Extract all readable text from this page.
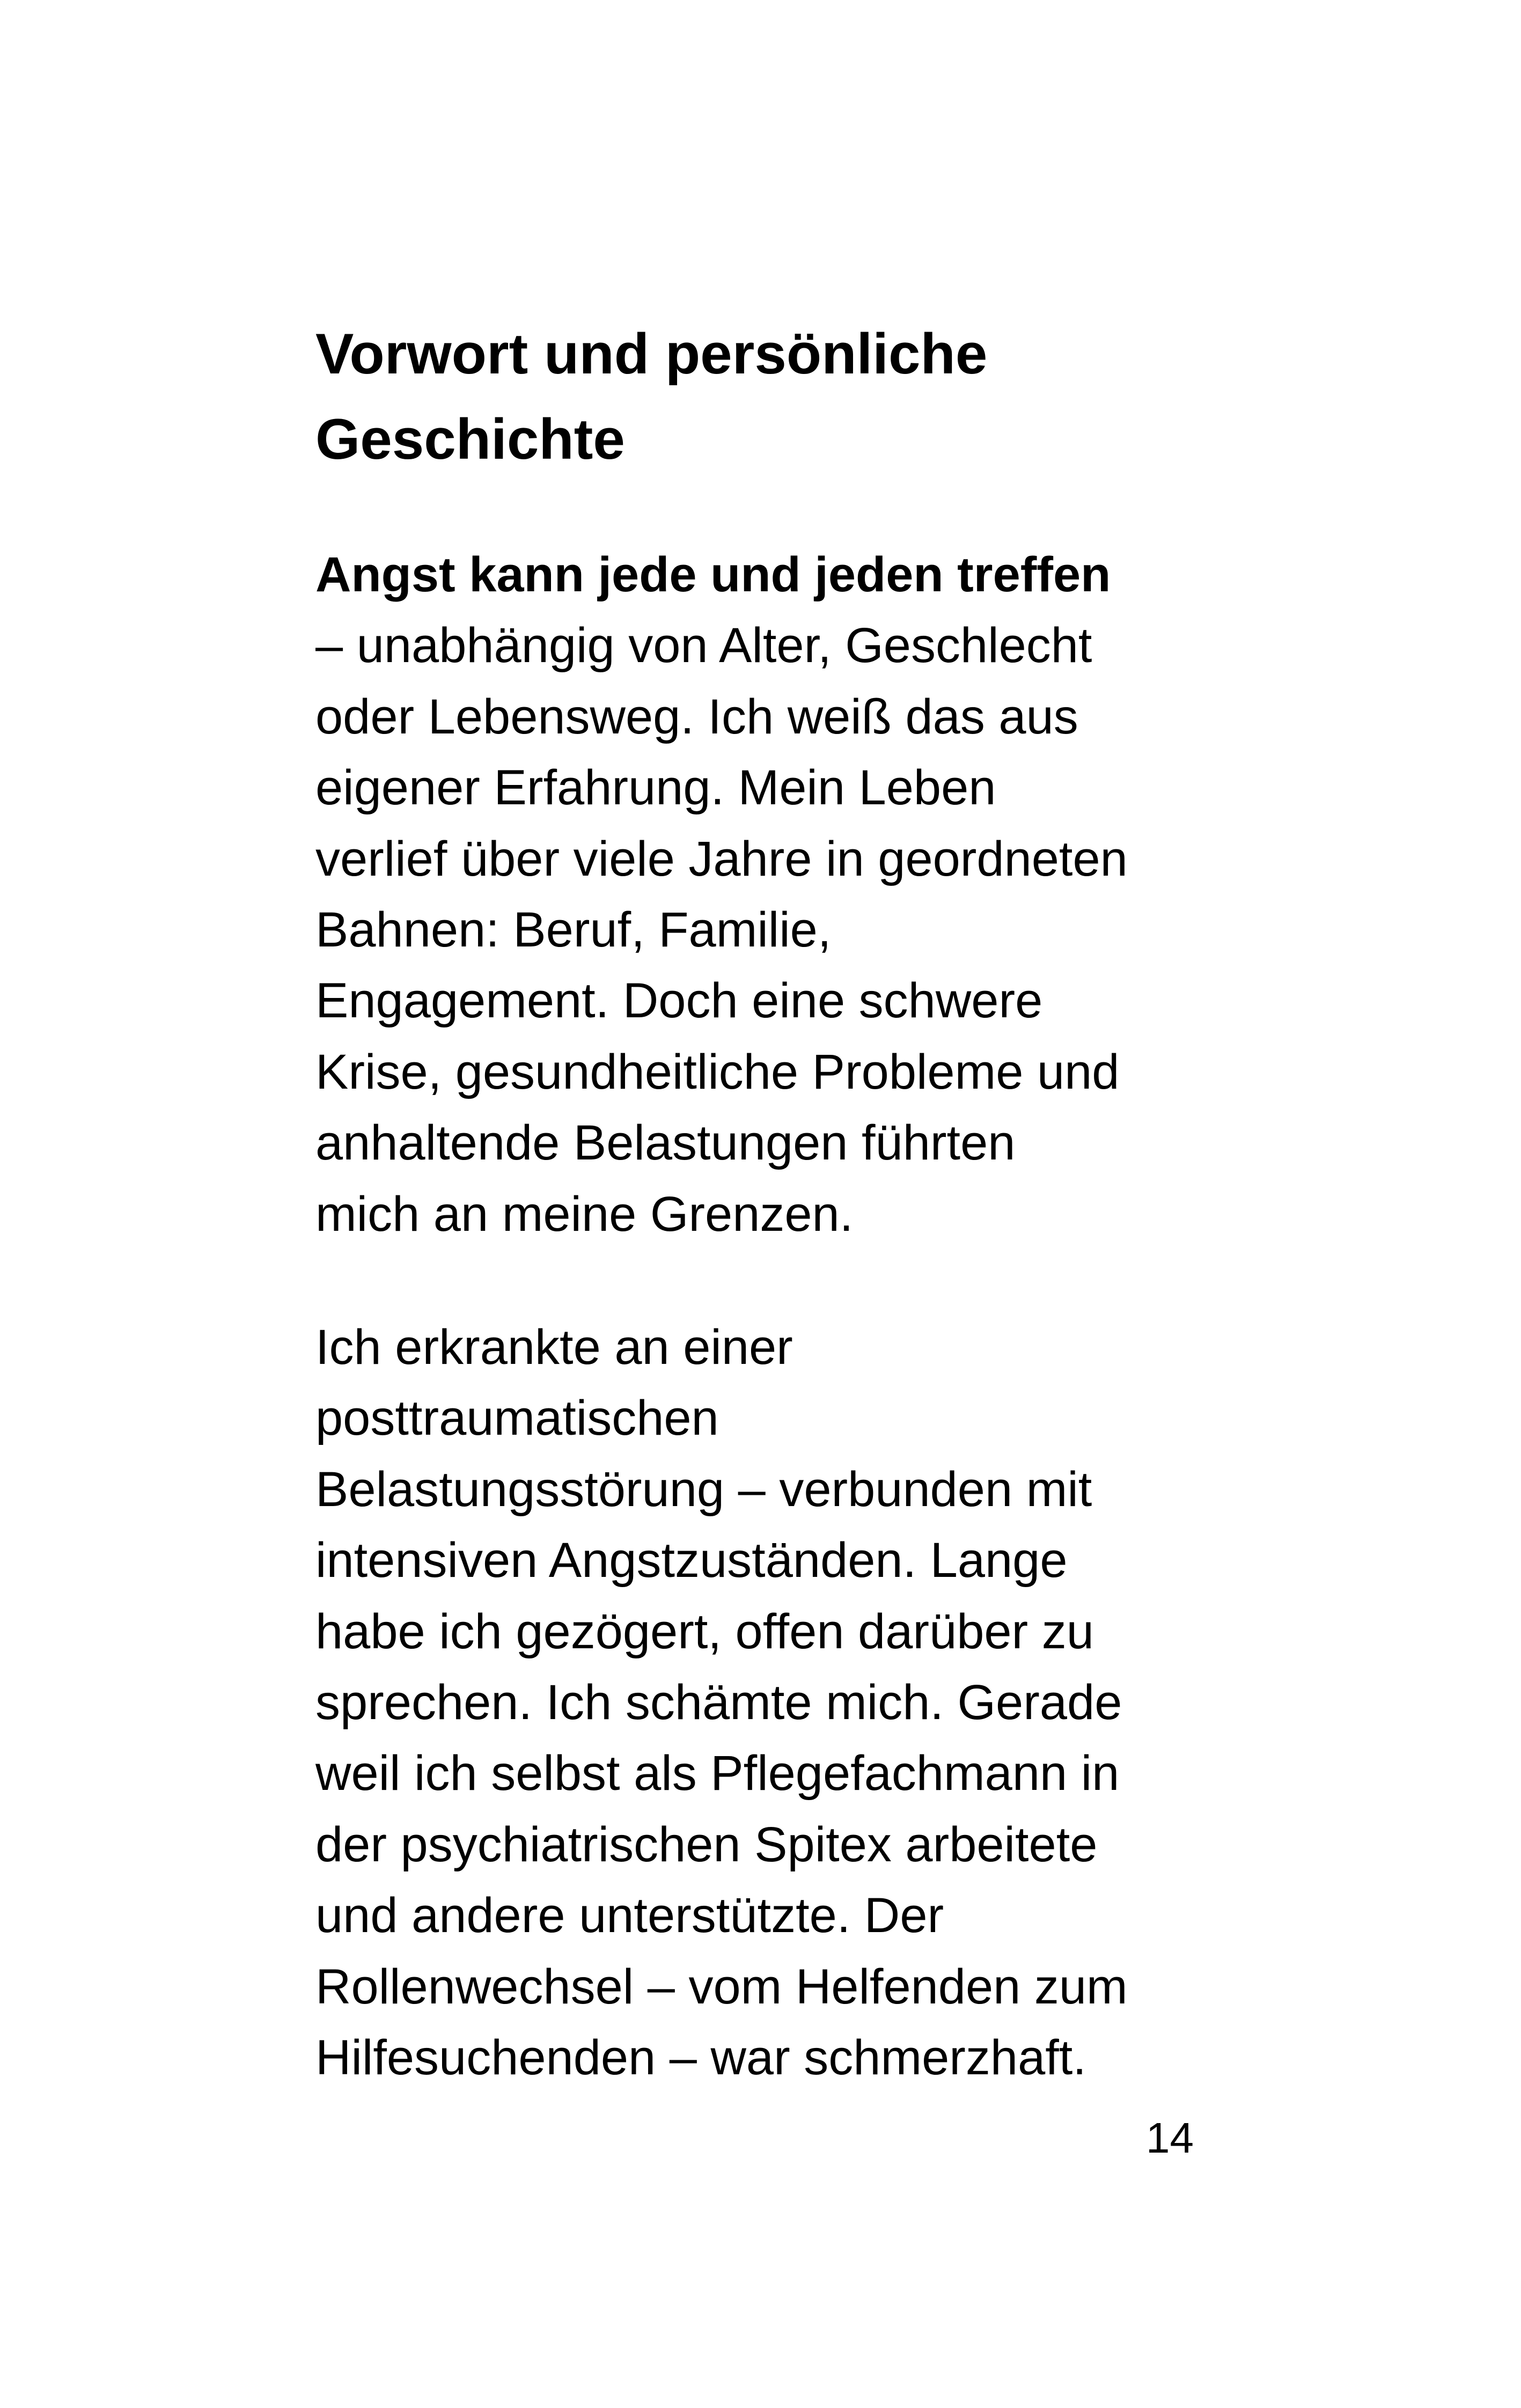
Vorwort und persönliche
Geschichte

Angst kann jede und jeden treffen
– unabhängig von Alter, Geschlecht
oder Lebensweg. Ich weiß das aus
eigener Erfahrung. Mein Leben
verlief über viele Jahre in geordneten
Bahnen: Beruf, Familie,
Engagement. Doch eine schwere
Krise, gesundheitliche Probleme und
anhaltende Belastungen führten
mich an meine Grenzen.

Ich erkrankte an einer
posttraumatischen
Belastungsstörung – verbunden mit
intensiven Angstzuständen. Lange
habe ich gezögert, offen darüber zu
sprechen. Ich schämte mich. Gerade
weil ich selbst als Pflegefachmann in
der psychiatrischen Spitex arbeitete
und andere unterstützte. Der
Rollenwechsel – vom Helfenden zum
Hilfesuchenden – war schmerzhaft.

14
